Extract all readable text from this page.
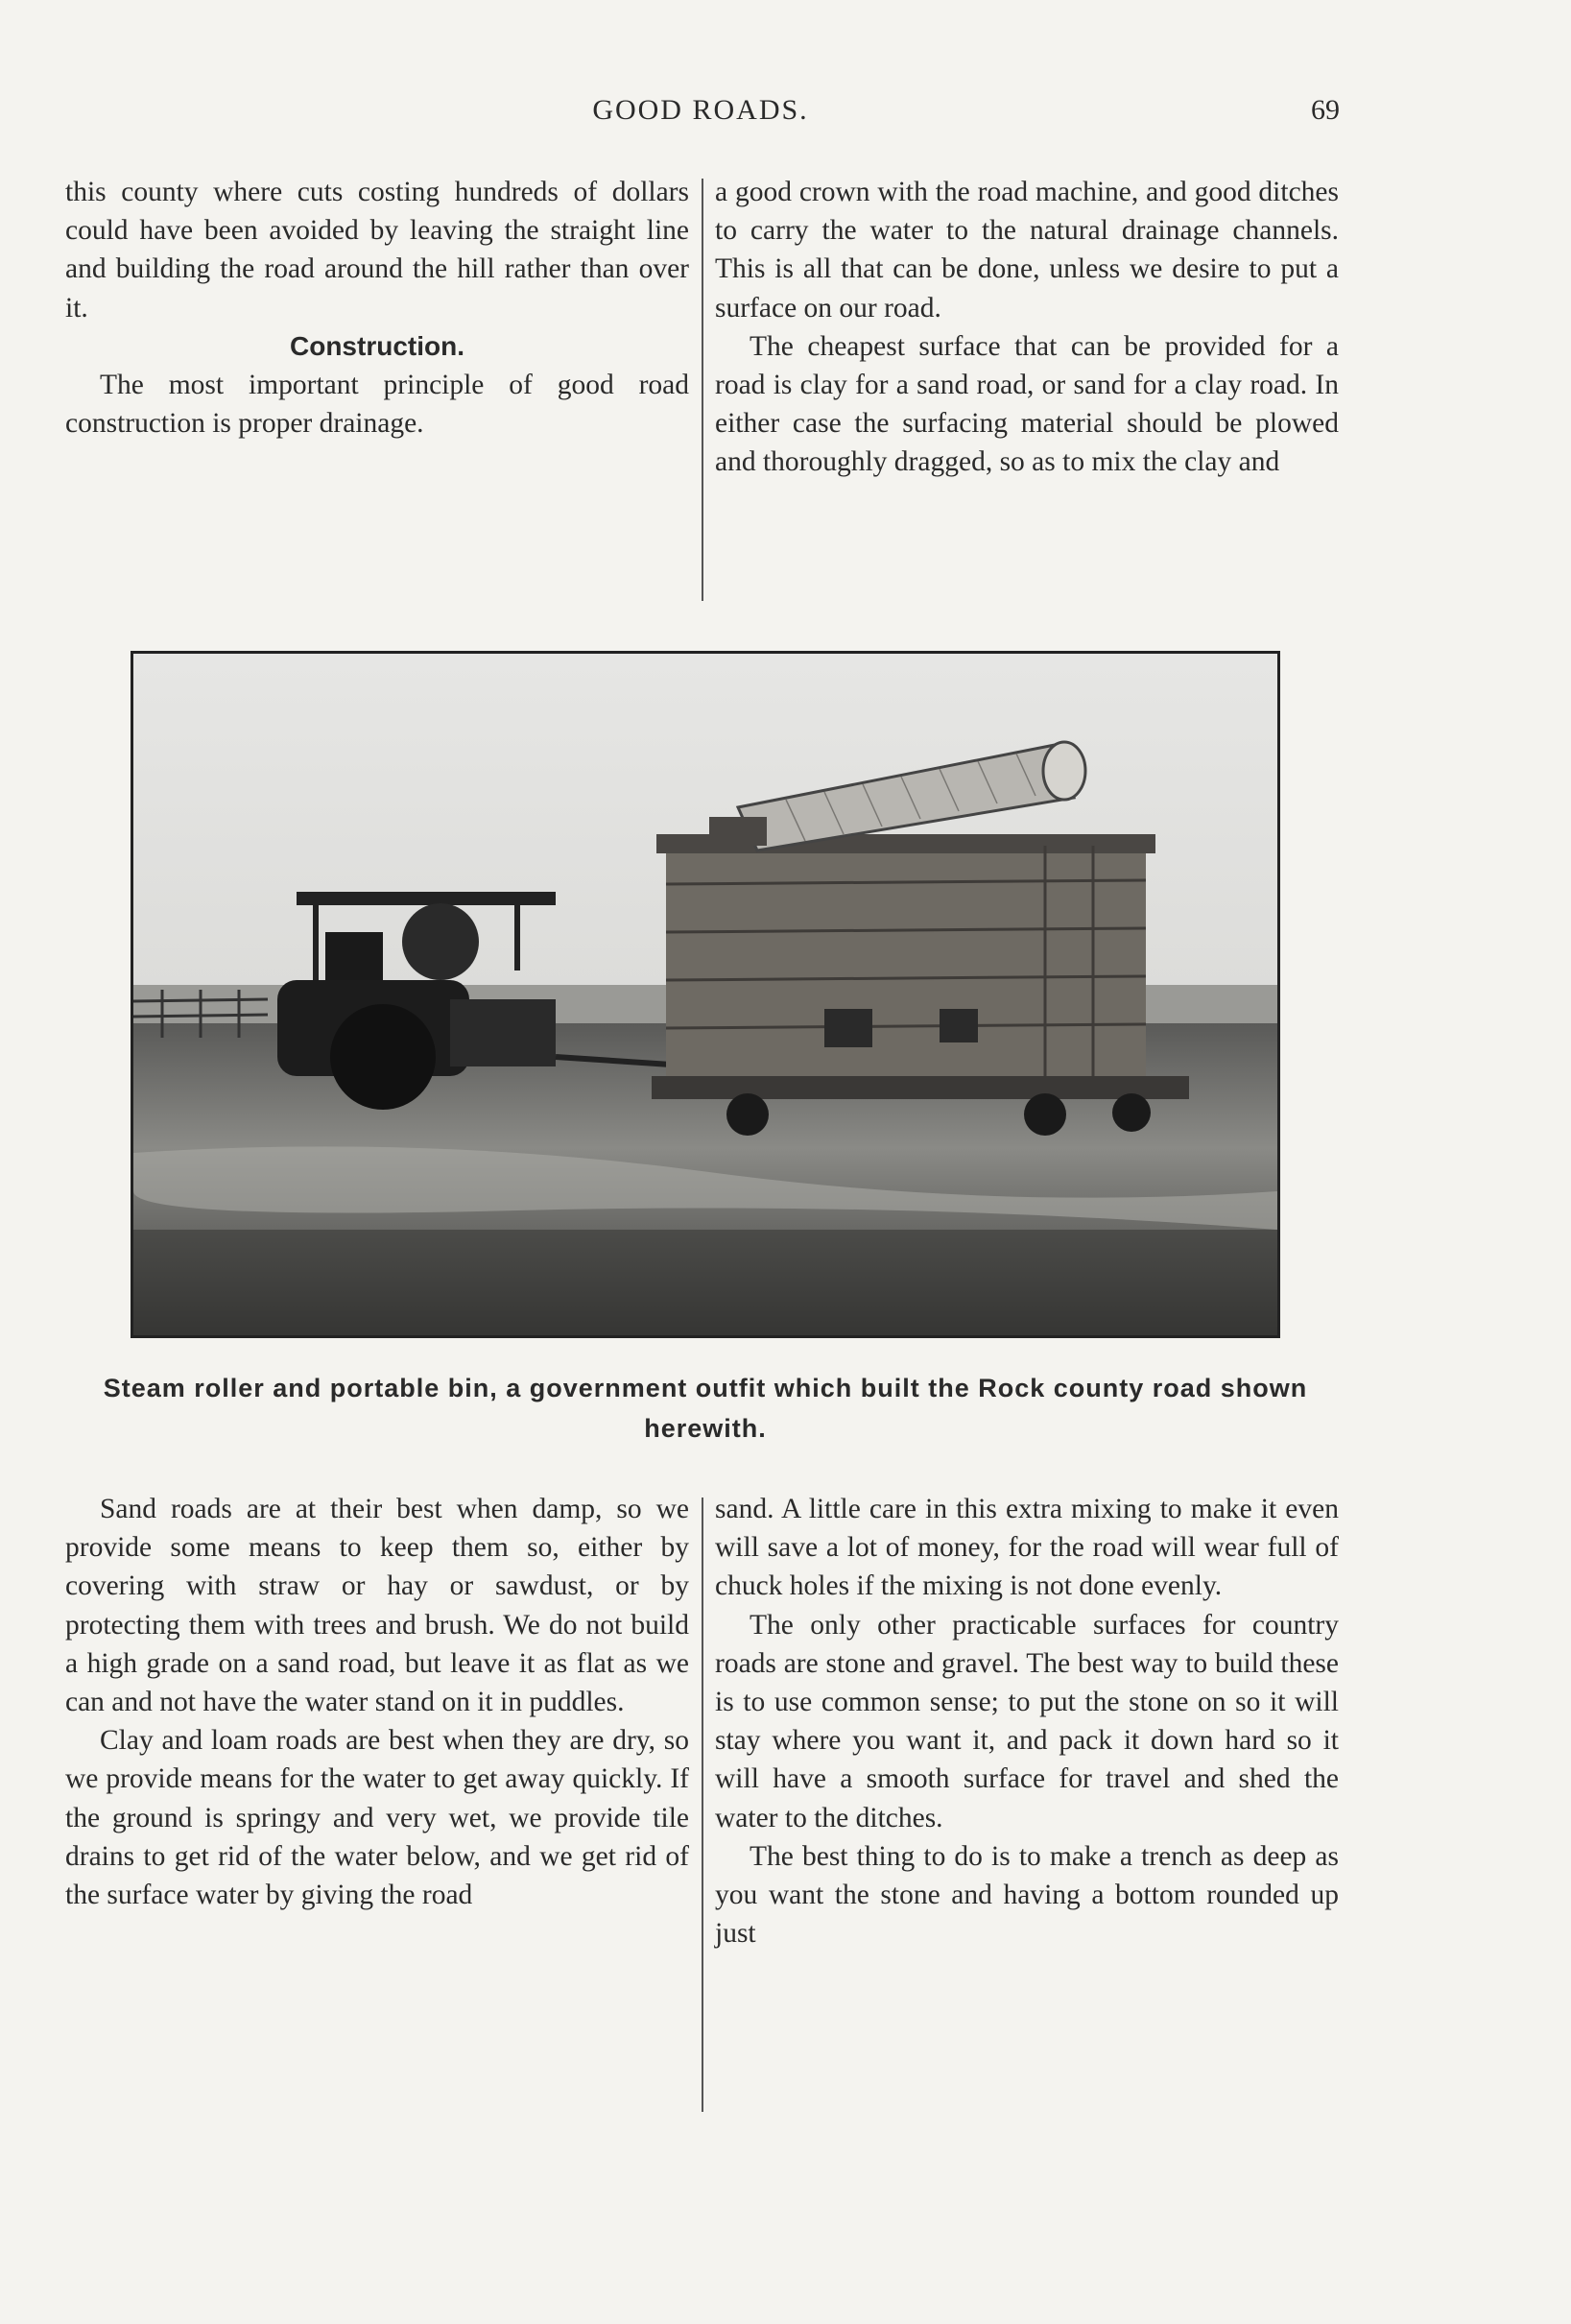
GOOD ROADS.	69

this county where cuts costing hundreds of dollars could have been avoided by leaving the straight line and building the road around the hill rather than over it.

Construction.

The most important principle of good road construction is proper drainage.

a good crown with the road machine, and good ditches to carry the water to the natural drainage channels. This is all that can be done, unless we desire to put a surface on our road.

The cheapest surface that can be provided for a road is clay for a sand road, or sand for a clay road. In either case the surfacing material should be plowed and thoroughly dragged, so as to mix the clay and

Steam roller and portable bin, a government outfit which built the Rock county road shown herewith.

Sand roads are at their best when damp, so we provide some means to keep them so, either by covering with straw or hay or sawdust, or by protecting them with trees and brush. We do not build a high grade on a sand road, but leave it as flat as we can and not have the water stand on it in puddles.

Clay and loam roads are best when they are dry, so we provide means for the water to get away quickly. If the ground is springy and very wet, we provide tile drains to get rid of the water below, and we get rid of the surface water by giving the road

sand. A little care in this extra mixing to make it even will save a lot of money, for the road will wear full of chuck holes if the mixing is not done evenly.

The only other practicable surfaces for country roads are stone and gravel. The best way to build these is to use common sense; to put the stone on so it will stay where you want it, and pack it down hard so it will have a smooth surface for travel and shed the water to the ditches.

The best thing to do is to make a trench as deep as you want the stone and having a bottom rounded up just
